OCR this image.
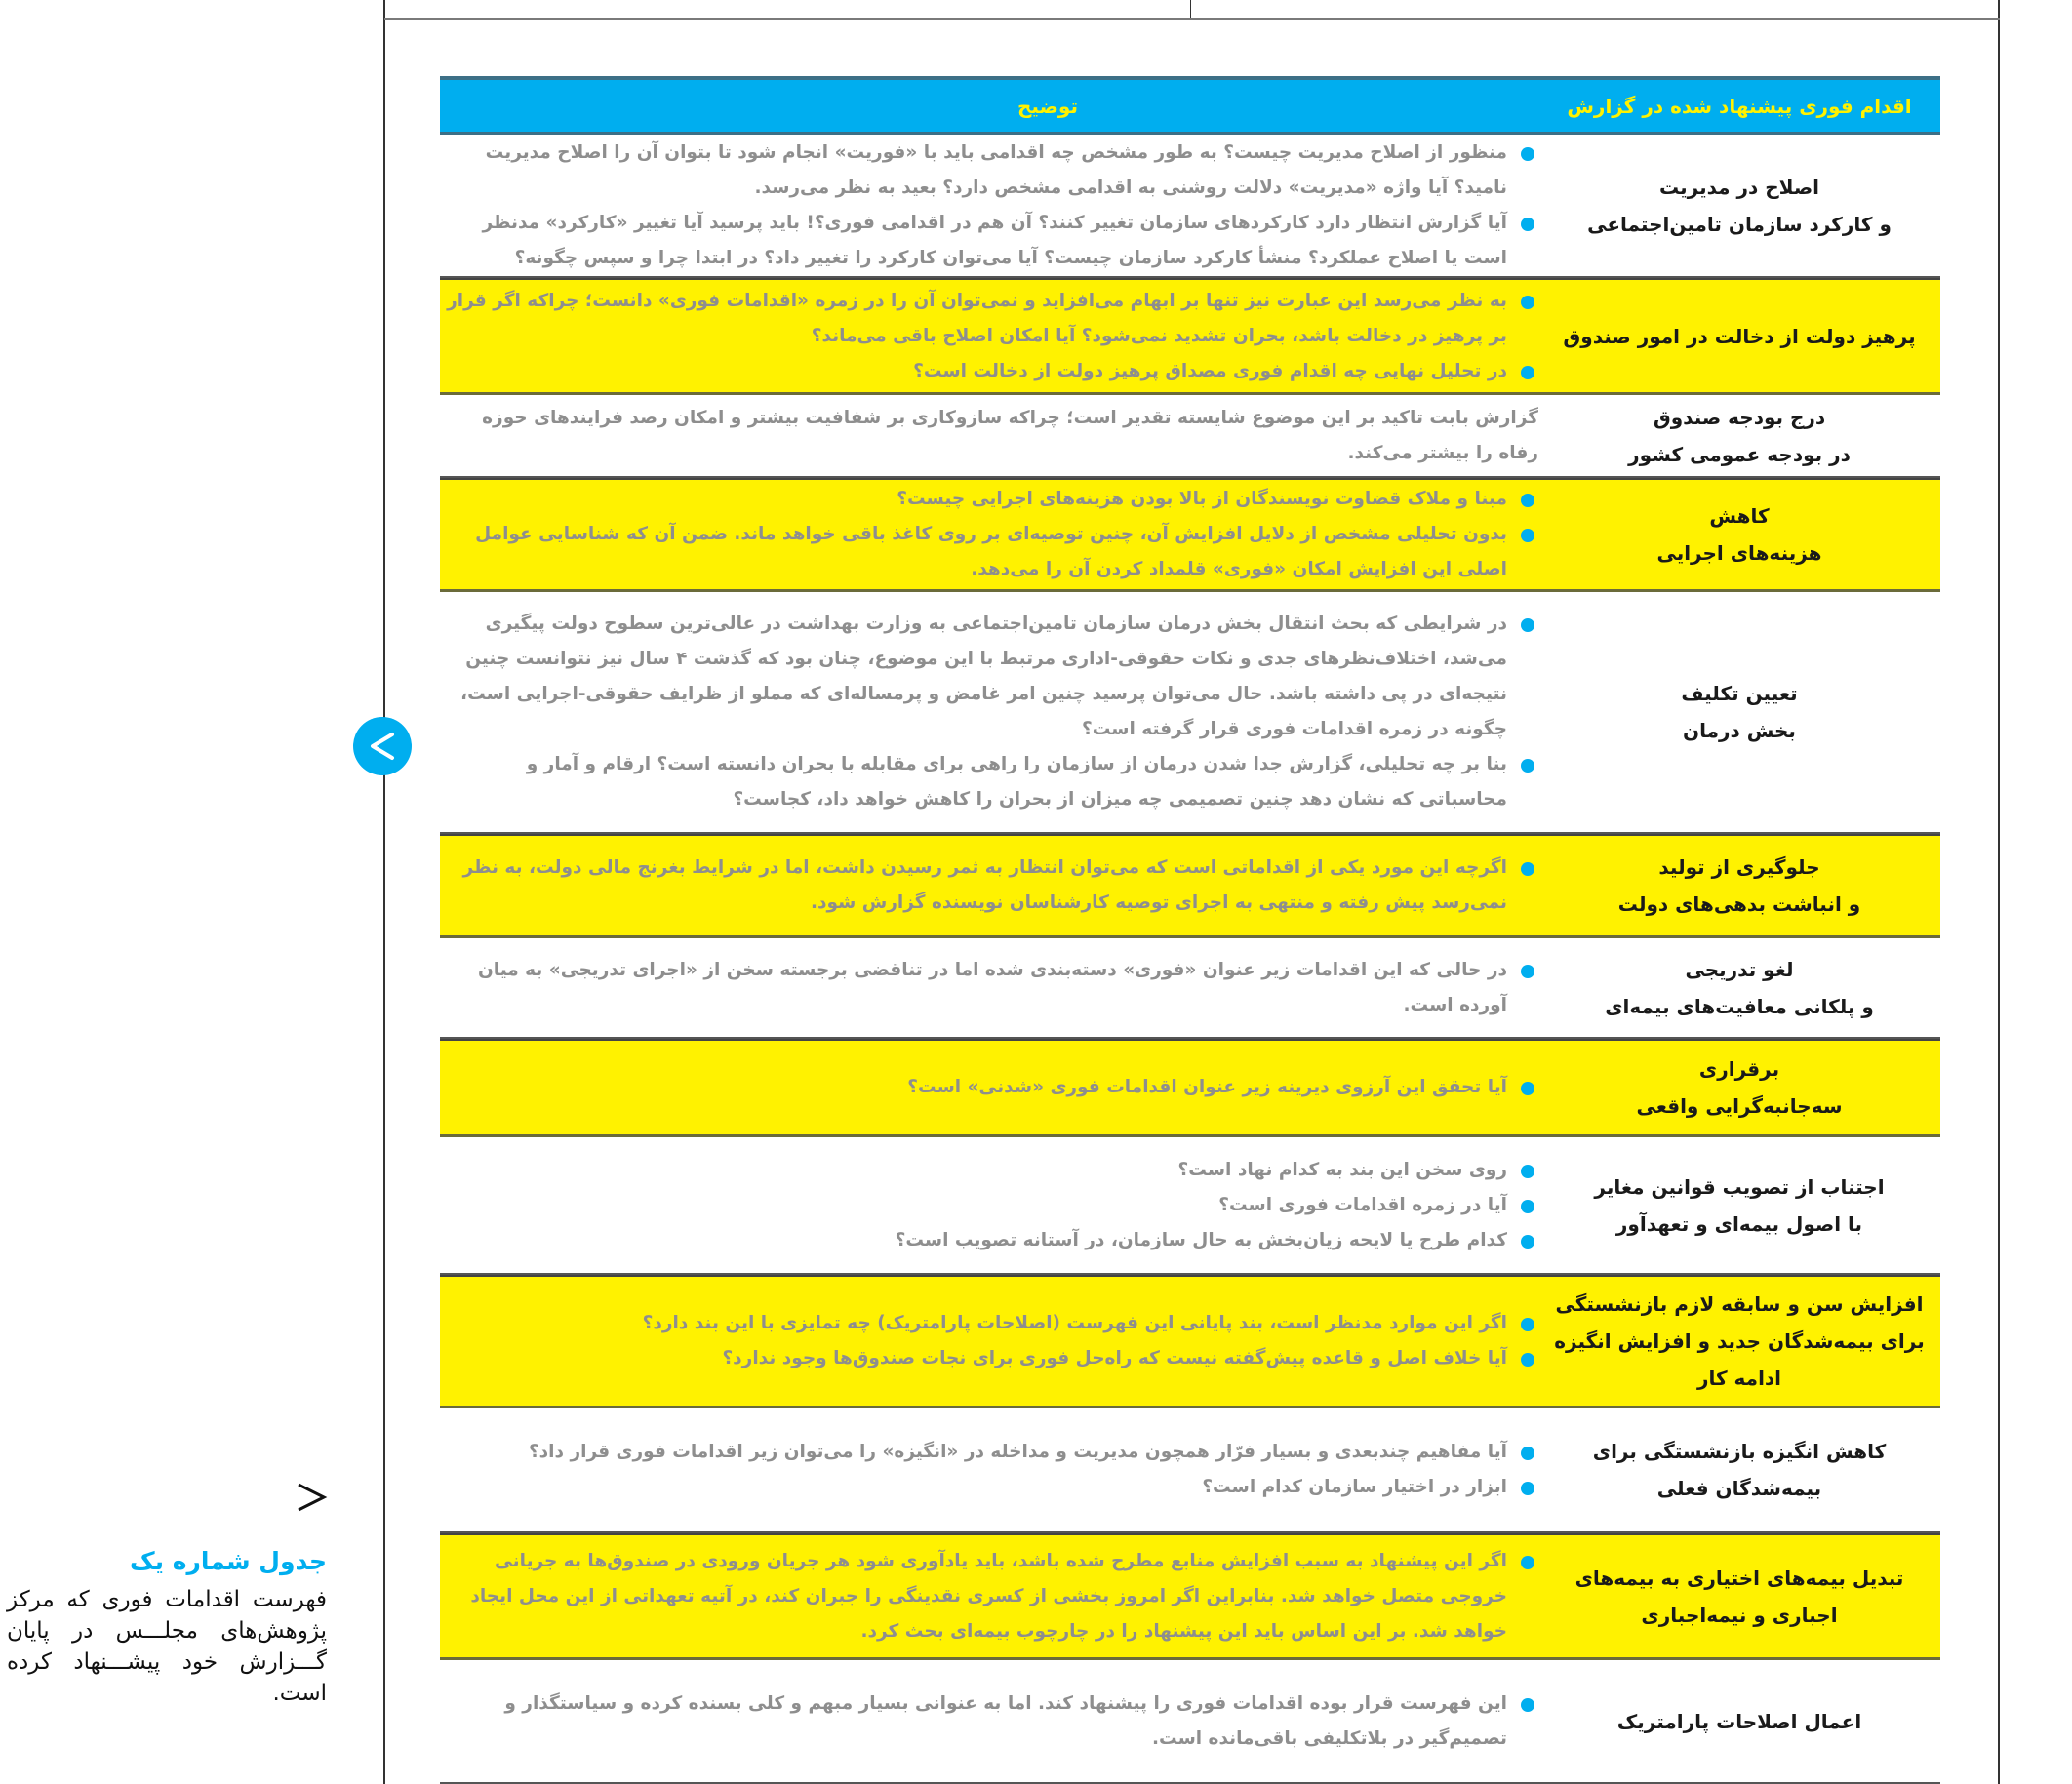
جدول شماره یک
فهرست اقدامات فوری که مرکز پژوهش‌های مجلـــس در پایان گـــزارش خود پیشـــنهاد کرده است.
اقدام فوری پیشنهاد شده در گزارش
توضیح
اصلاح در مدیریت
و کارکرد سازمان تامین‌اجتماعی
منظور از اصلاح مدیریت چیست؟ به طور مشخص چه اقدامی باید با «فوریت» انجام شود تا بتوان آن را اصلاح مدیریت نامید؟ آیا واژه «مدیریت» دلالت روشنی به اقدامی مشخص دارد؟ بعید به نظر می‌رسد.
آیا گزارش انتظار دارد کارکردهای سازمان تغییر کنند؟ آن هم در اقدامی فوری؟! باید پرسید آیا تغییر «کارکرد» مدنظر است یا اصلاح عملکرد؟ منشأ کارکرد سازمان چیست؟ آیا می‌توان کارکرد را تغییر داد؟ در ابتدا چرا و سپس چگونه؟
پرهیز دولت از دخالت در امور صندوق
به نظر می‌رسد این عبارت نیز تنها بر ابهام می‌افزاید و نمی‌توان آن را در زمره «اقدامات فوری» دانست؛ چراکه اگر قرار بر پرهیز در دخالت باشد، بحران تشدید نمی‌شود؟ آیا امکان اصلاح باقی می‌ماند؟
در تحلیل نهایی چه اقدام فوری مصداق پرهیز دولت از دخالت است؟
درج بودجه صندوق
در بودجه عمومی کشور
گزارش بابت تاکید بر این موضوع شایسته تقدیر است؛ چراکه سازوکاری بر شفافیت بیشتر و امکان رصد فرایندهای حوزه رفاه را بیشتر می‌کند.
کاهش
هزینه‌های اجرایی
مبنا و ملاک قضاوت نویسندگان از بالا بودن هزینه‌های اجرایی چیست؟
بدون تحلیلی مشخص از دلایل افزایش آن، چنین توصیه‌ای بر روی کاغذ باقی خواهد ماند. ضمن آن که شناسایی عوامل اصلی این افزایش امکان «فوری» قلمداد کردن آن را می‌دهد.
تعیین تکلیف
بخش درمان
در شرایطی که بحث انتقال بخش درمان سازمان تامین‌اجتماعی به وزارت بهداشت در عالی‌ترین سطوح دولت پیگیری می‌شد، اختلاف‌نظرهای جدی و نکات حقوقی-اداری مرتبط با این موضوع، چنان بود که گذشت ۴ سال نیز نتوانست چنین نتیجه‌ای در پی داشته باشد. حال می‌توان پرسید چنین امر غامض و پرمساله‌ای که مملو از ظرایف حقوقی-اجرایی است، چگونه در زمره اقدامات فوری قرار گرفته است؟
بنا بر چه تحلیلی، گزارش جدا شدن درمان از سازمان را راهی برای مقابله با بحران دانسته است؟ ارقام و آمار و محاسباتی که نشان دهد چنین تصمیمی چه میزان از بحران را کاهش خواهد داد، کجاست؟
جلوگیری از تولید
و انباشت بدهی‌های دولت
اگرچه این مورد یکی از اقداماتی است که می‌توان انتظار به ثمر رسیدن داشت، اما در شرایط بغرنج مالی دولت، به نظر نمی‌رسد پیش رفته و منتهی به اجرای توصیه کارشناسان نویسنده گزارش شود.
لغو تدریجی
و پلکانی معافیت‌های بیمه‌ای
در حالی که این اقدامات زیر عنوان «فوری» دسته‌بندی شده اما در تناقضی برجسته سخن از «اجرای تدریجی» به میان آورده است.
برقراری
سه‌جانبه‌گرایی واقعی
آیا تحقق این آرزوی دیرینه زیر عنوان اقدامات فوری «شدنی» است؟
اجتناب از تصویب قوانین مغایر
با اصول بیمه‌ای و تعهدآور
روی سخن این بند به کدام نهاد است؟
آیا در زمره اقدامات فوری است؟
کدام طرح یا لایحه زیان‌بخش به حال سازمان، در آستانه تصویب است؟
افزایش سن و سابقه لازم بازنشستگی
برای بیمه‌شدگان جدید و افزایش انگیزه
ادامه کار
اگر این موارد مدنظر است، بند پایانی این فهرست (اصلاحات پارامتریک) چه تمایزی با این بند دارد؟
آیا خلاف اصل و قاعده پیش‌گفته نیست که راه‌حل فوری برای نجات صندوق‌ها وجود ندارد؟
کاهش انگیزه بازنشستگی برای
بیمه‌شدگان فعلی
آیا مفاهیم چندبعدی و بسیار فرّار همچون مدیریت و مداخله در «انگیزه» را می‌توان زیر اقدامات فوری قرار داد؟
ابزار در اختیار سازمان کدام است؟
تبدیل بیمه‌های اختیاری به بیمه‌های
اجباری و نیمه‌اجباری
اگر این پیشنهاد به سبب افزایش منابع مطرح شده باشد، باید یادآوری شود هر جریان ورودی در صندوق‌ها به جریانی خروجی متصل خواهد شد. بنابراین اگر امروز بخشی از کسری نقدینگی را جبران کند، در آتیه تعهداتی از این محل ایجاد خواهد شد. بر این اساس باید این پیشنهاد را در چارچوب بیمه‌ای بحث کرد.
اعمال اصلاحات پارامتریک
این فهرست قرار بوده اقدامات فوری را پیشنهاد کند. اما به عنوانی بسیار مبهم و کلی بسنده کرده و سیاستگذار و تصمیم‌گیر در بلاتکلیفی باقی‌مانده است.
